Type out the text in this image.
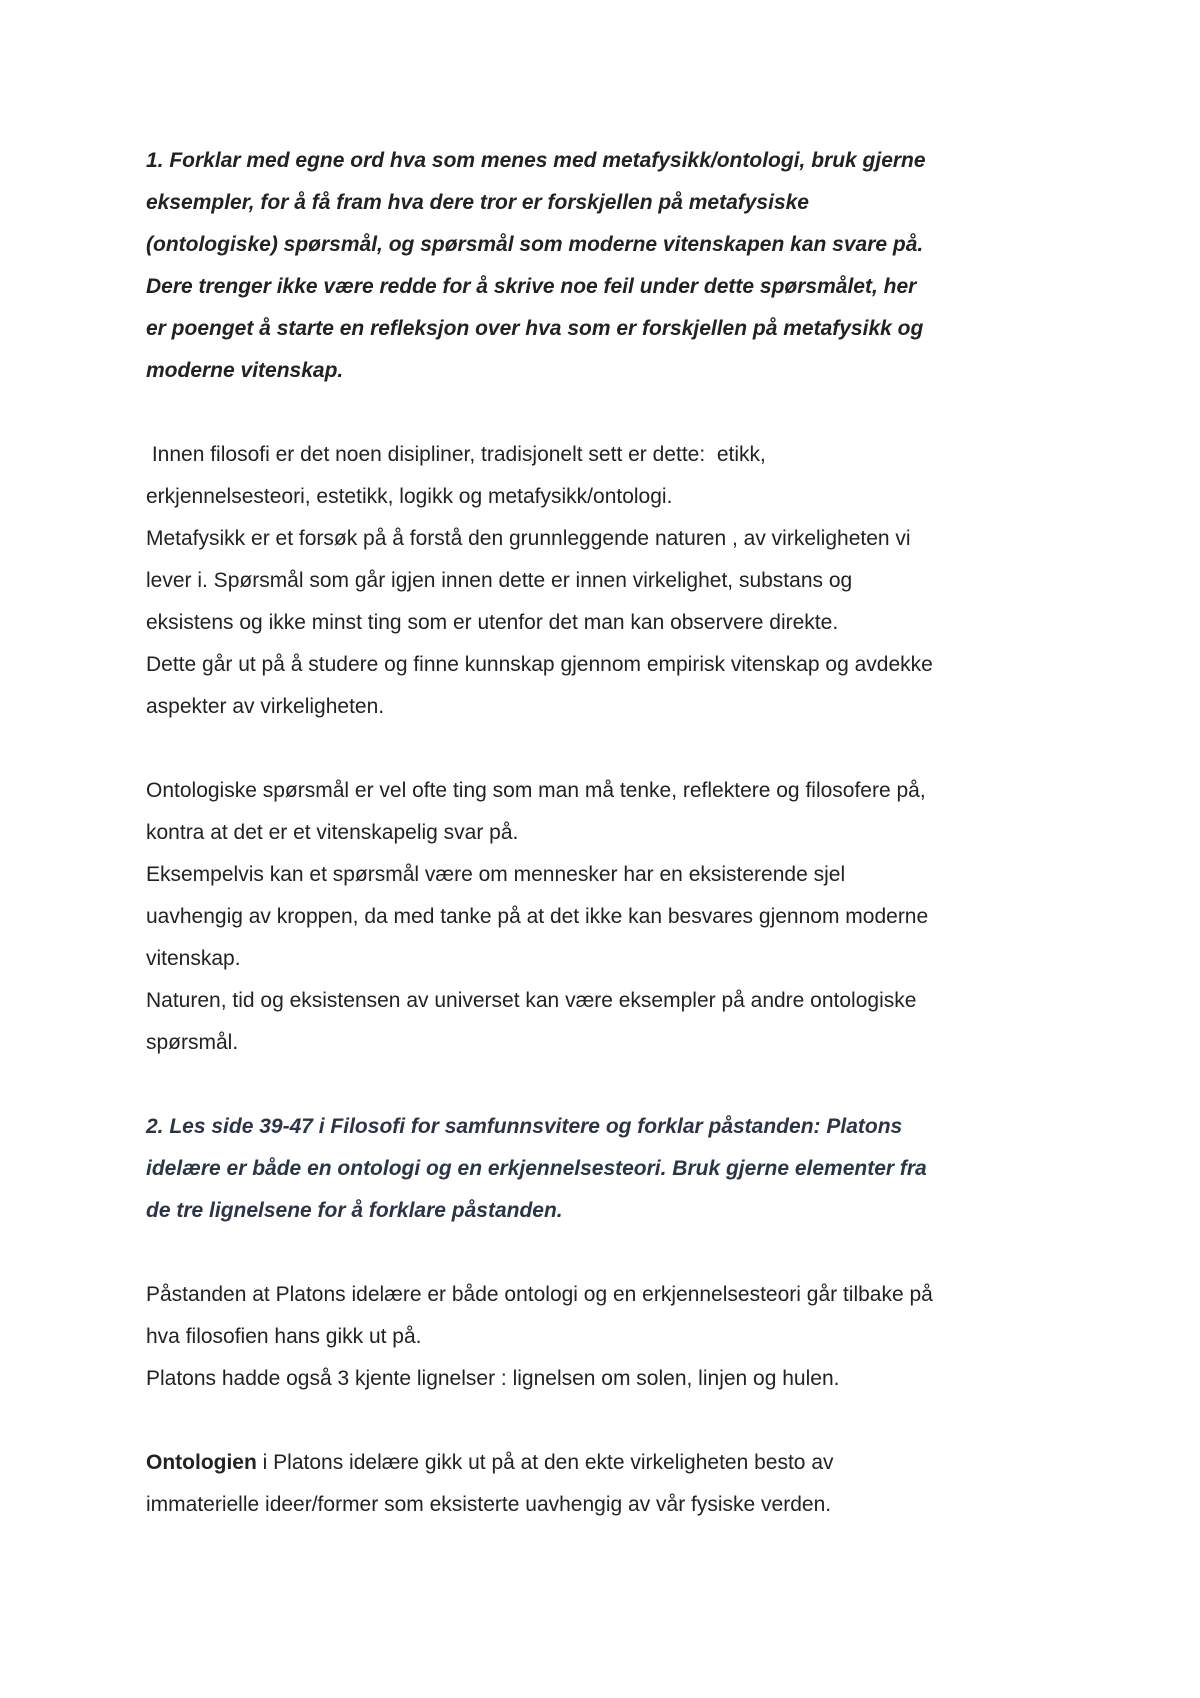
1. Forklar med egne ord hva som menes med metafysikk/ontologi, bruk gjerne

eksempler, for å få fram hva dere tror er forskjellen på metafysiske

(ontologiske) spørsmål, og spørsmål som moderne vitenskapen kan svare på.

Dere trenger ikke være redde for å skrive noe feil under dette spørsmålet, her

er poenget å starte en refleksjon over hva som er forskjellen på metafysikk og

moderne vitenskap.

Innen filosofi er det noen disipliner, tradisjonelt sett er dette:  etikk,

erkjennelsesteori, estetikk, logikk og metafysikk/ontologi.

Metafysikk er et forsøk på å forstå den grunnleggende naturen , av virkeligheten vi

lever i. Spørsmål som går igjen innen dette er innen virkelighet, substans og

eksistens og ikke minst ting som er utenfor det man kan observere direkte.

Dette går ut på å studere og finne kunnskap gjennom empirisk vitenskap og avdekke

aspekter av virkeligheten.

Ontologiske spørsmål er vel ofte ting som man må tenke, reflektere og filosofere på,

kontra at det er et vitenskapelig svar på.

Eksempelvis kan et spørsmål være om mennesker har en eksisterende sjel

uavhengig av kroppen, da med tanke på at det ikke kan besvares gjennom moderne

vitenskap.

Naturen, tid og eksistensen av universet kan være eksempler på andre ontologiske

spørsmål.

2. Les side 39-47 i Filosofi for samfunnsvitere og forklar påstanden: Platons

idelære er både en ontologi og en erkjennelsesteori. Bruk gjerne elementer fra

de tre lignelsene for å forklare påstanden.

Påstanden at Platons idelære er både ontologi og en erkjennelsesteori går tilbake på

hva filosofien hans gikk ut på.

Platons hadde også 3 kjente lignelser : lignelsen om solen, linjen og hulen.

Ontologien i Platons idelære gikk ut på at den ekte virkeligheten besto av

immaterielle ideer/former som eksisterte uavhengig av vår fysiske verden.
